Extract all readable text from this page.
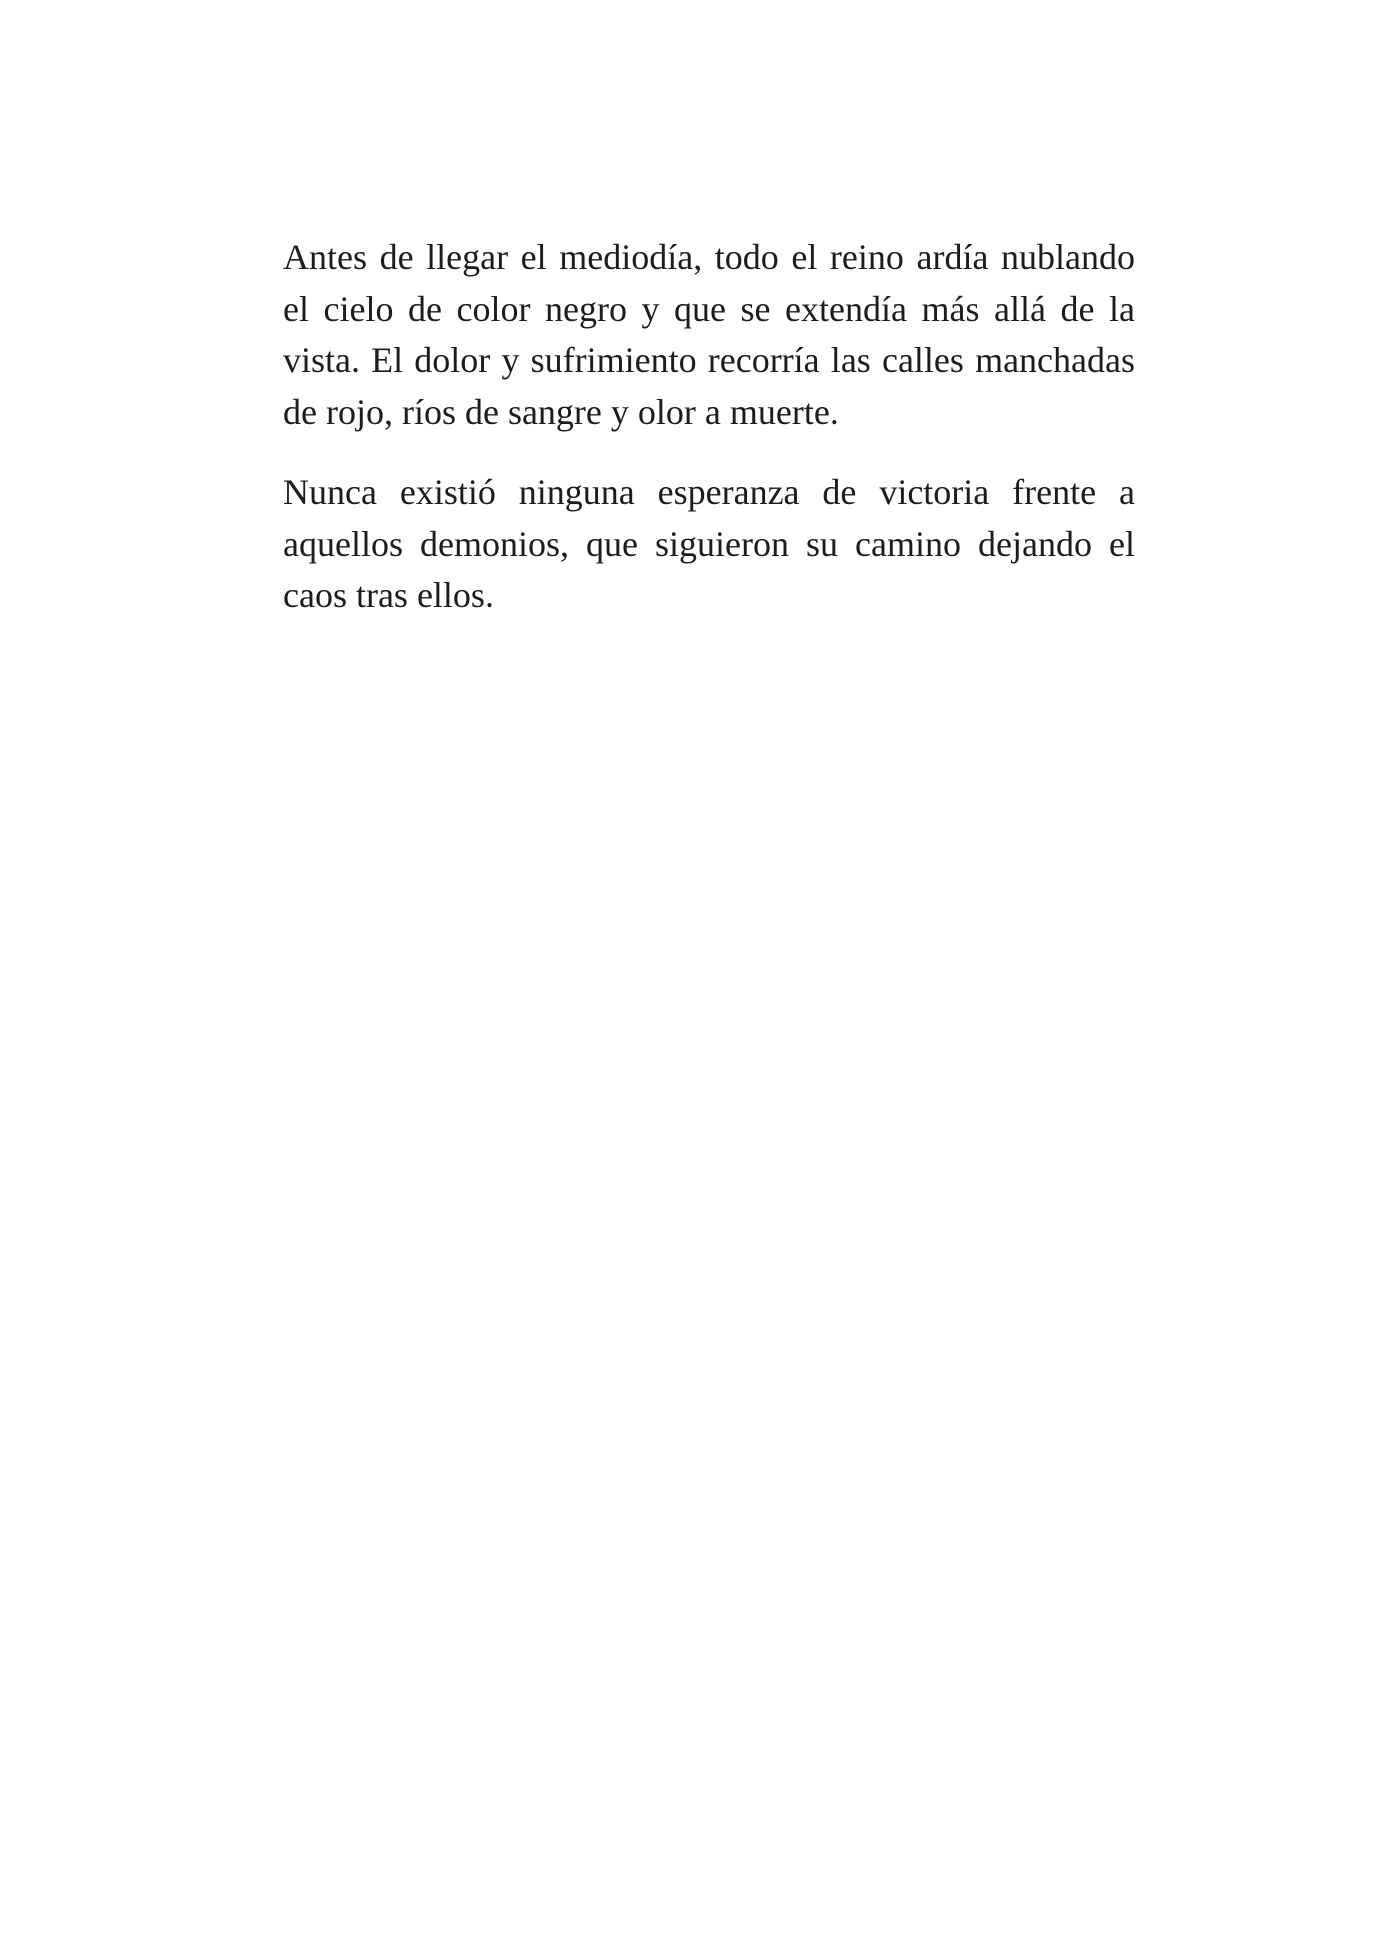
Antes de llegar el mediodía, todo el reino ardía nublando el cielo de color negro y que se extendía más allá de la vista. El dolor y sufrimiento recorría las calles manchadas de rojo, ríos de sangre y olor a muerte.

Nunca existió ninguna esperanza de victoria frente a aquellos demonios, que siguieron su camino dejando el caos tras ellos.
